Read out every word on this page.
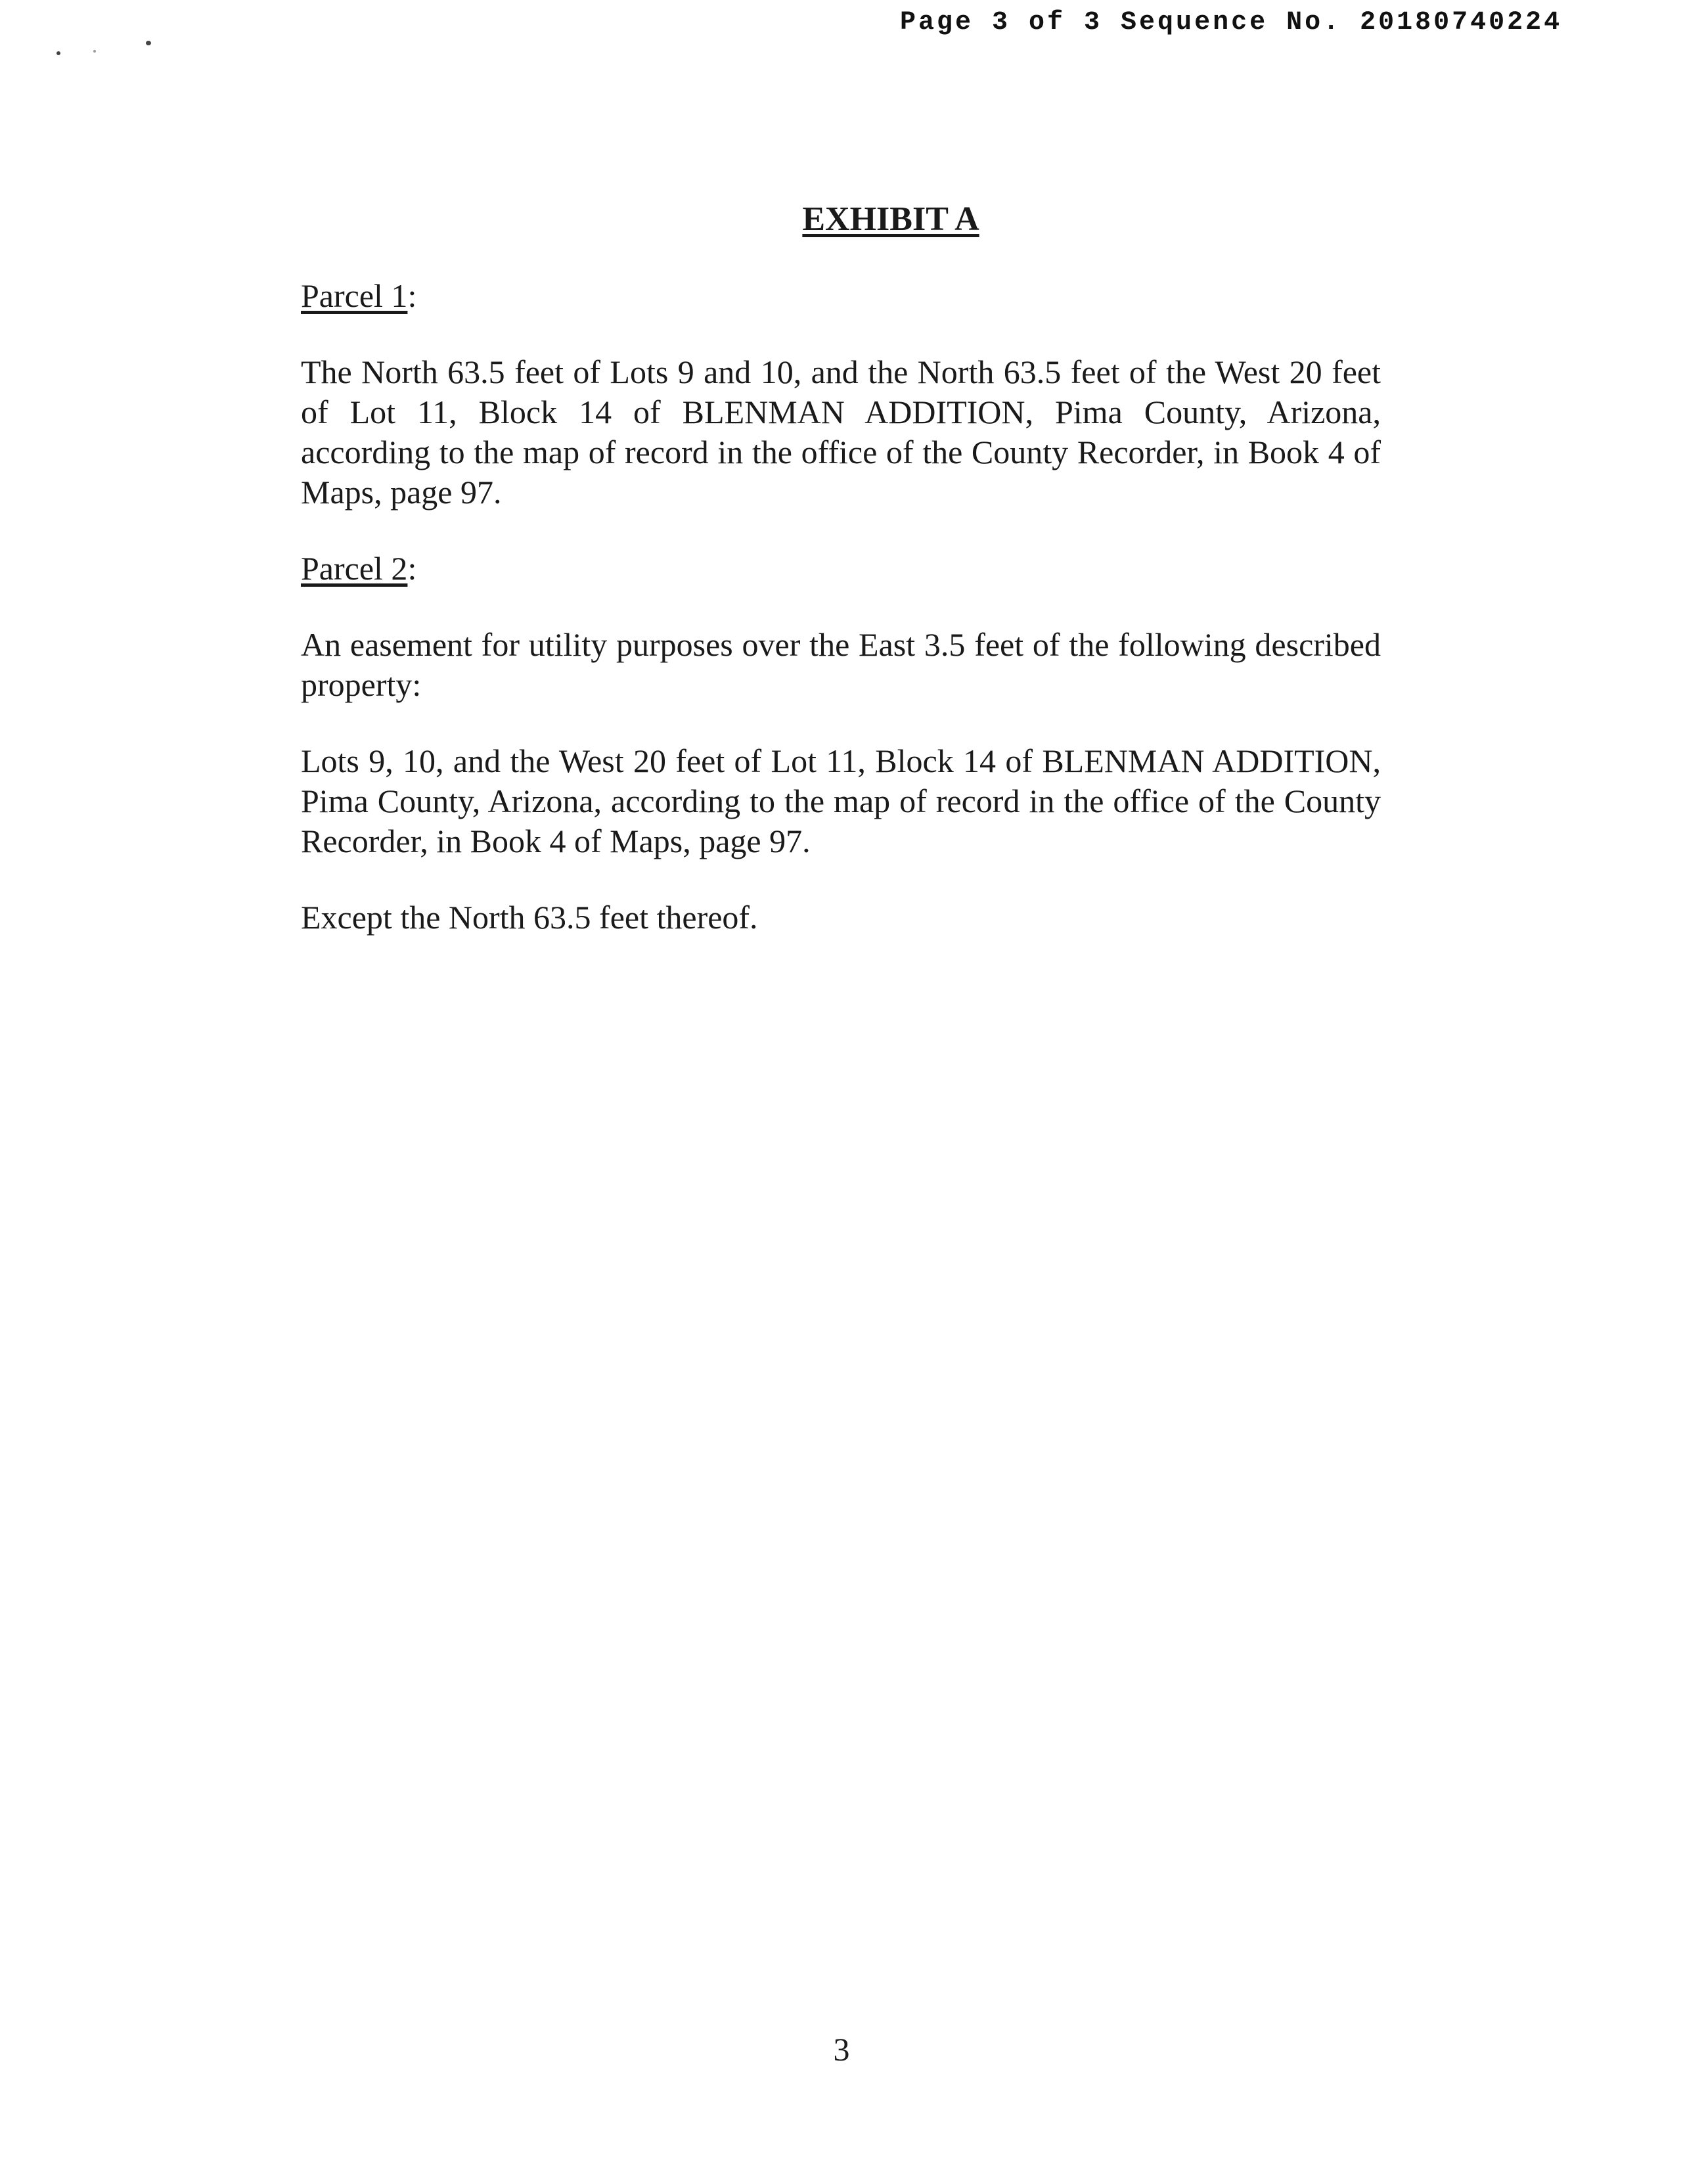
Page 3 of 3 Sequence No. 20180740224
EXHIBIT A

Parcel 1:

The North 63.5 feet of Lots 9 and 10, and the North 63.5 feet of the West 20 feet of Lot 11, Block 14 of BLENMAN ADDITION, Pima County, Arizona, according to the map of record in the office of the County Recorder, in Book 4 of Maps, page 97.

Parcel 2:

An easement for utility purposes over the East 3.5 feet of the following described property:

Lots 9, 10, and the West 20 feet of Lot 11, Block 14 of BLENMAN ADDITION, Pima County, Arizona, according to the map of record in the office of the County Recorder, in Book 4 of Maps, page 97.

Except the North 63.5 feet thereof.

3
